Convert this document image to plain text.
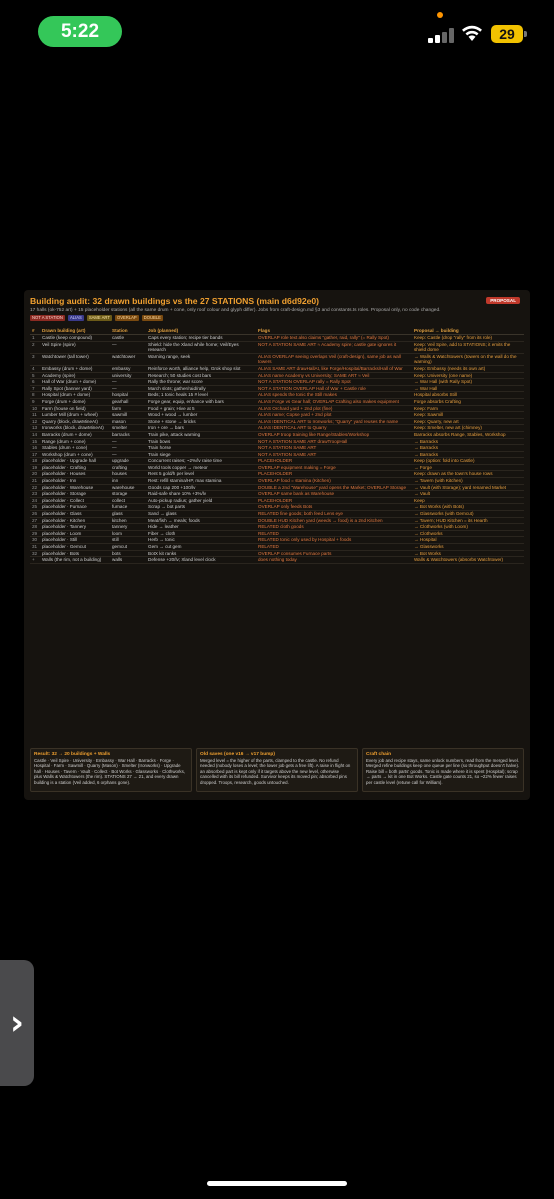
5:22	29
Building audit: 32 drawn buildings vs the 27 STATIONS (main d6d92e0)	PROPOSAL
17 halls (ok-752 art) + 15 placeholder stations (all the same drum + cone, only roof colour and glyph differ). Jobs from craft-design.md §3 and constants.ts roles. Proposal only, no code changed.
NOT A STATION	ALIAS	SAME ART	OVERLAP	DOUBLE
#	Drawn building (art)	Station	Job (planned)	Flags	Proposal → building
1	Castle (keep compound)	castle	Caps every station; recipe tier bands	OVERLAP role text also claims "gather, raid, rally" (= Rally Spot)	Keep: Castle (drop "rally" from its role)
2	Veil Spire (spire)	—	Shield: hide the Xland while home; Veil/Eyes research	NOT A STATION SAME ART ≈ Academy spire; castle gate ignores it	Keep: Veil Spire, add to STATIONS; it emits the shield dome
3	Watchtower (tall tower)	watchtower	Warning range, seek	ALIAS OVERLAP seeing overlaps Veil (craft-design), same job as wall towers	→ Walls & Watchtowers (towers on the wall do the warning)
4	Embassy (drum + dome)	embassy	Reinforce worth, alliance help, Grok shop slot	ALIAS SAME ART drawHallAt, like Forge/Hospital/Barracks/Hall of War	Keep: Embassy (needs its own art)
5	Academy (spire)	university	Research; 50 studies cost bars	ALIAS name Academy vs University; SAME ART ≈ Veil	Keep: University (one name)
6	Hall of War (drum + dome)	—	Rally the throne; war score	NOT A STATION OVERLAP rally = Rally Spot	→ War Hall (with Rally Spot)
7	Rally Spot (banner yard)	—	March slots; gather/raid/rally	NOT A STATION OVERLAP Hall of War + Castle role	→ War Hall
8	Hospital (drum + dome)	hospital	Beds; 1 tonic heals 15 # level	ALIAS spends the tonic the Still makes	Hospital absorbs Still
9	Forge (drum + dome)	gearhall	Forge gear, equip, enhance with bars	ALIAS Forge vs Gear hall; OVERLAP Crafting also makes equipment	Forge absorbs Crafting
10	Farm (house on field)	farm	Food + grain; Hive at 5	ALIAS Orchard yard + 2nd plot (fine)	Keep: Farm
11	Lumber Mill (drum + wheel)	sawmill	Wood + wood → lumber	ALIAS name; Copse yard + 2nd plot	Keep: Sawmill
12	Quarry (block, drawMineAt)	mason	Stone + stone → bricks	ALIAS IDENTICAL ART to Ironworks; "Quarry" yard reuses the name	Keep: Quarry, new art
13	Ironworks (block, drawMineAt)	smelter	Iron + ore → bars	ALIAS IDENTICAL ART to Quarry	Keep: Smelter, new art (chimney)
14	Barracks (drum + dome)	barracks	Train pike, attack warning	OVERLAP troop training like Range/Stables/Workshop	Barracks absorbs Range, Stables, Workshop
15	Range (drum + cone)	—	Train bows	NOT A STATION SAME ART drawTroopHall	→ Barracks
16	Stables (drum + cone)	—	Train horse	NOT A STATION SAME ART	→ Barracks
17	Workshop (drum + cone)	—	Train siege	NOT A STATION SAME ART	→ Barracks
18	placeholder · Upgrade hall	upgrade	Concurrent raises; ~2%/lv raise time	PLACEHOLDER	Keep (option: fold into Castle)
19	placeholder · Crafting	crafting	World tools copper → meteor	OVERLAP equipment making = Forge	→ Forge
20	placeholder · Houses	houses	Rent 5 gold/h per level	PLACEHOLDER	Keep: drawn as the town's house rows
21	placeholder · Inn	inn	Rest: refill stamina/HP, max stamina	OVERLAP food = stamina (Kitchen)	→ Tavern (with Kitchen)
22	placeholder · Warehouse	warehouse	Goods cap 200 +100/lv	DOUBLE a 2nd "Warehouse" yard opens the Market; OVERLAP Storage	→ Vault (with Storage); yard renamed Market
23	placeholder · Storage	storage	Raid-safe share 10% +3%/lv	OVERLAP same bank as Warehouse	→ Vault
24	placeholder · Collect	collect	Auto-pickup radius; gather yield	PLACEHOLDER	Keep
25	placeholder · Furnace	furnace	Scrap → bot parts	OVERLAP only feeds Bots	→ Bot Works (with Bots)
26	placeholder · Glass	glass	Sand → glass	RELATED fine goods; both feed Lens eye	→ Glassworks (with Gemcut)
27	placeholder · Kitchen	kitchen	Meat/fish → meals; foods	DOUBLE HUD Kitchen yard (weeds → food) is a 2nd Kitchen	→ Tavern; HUD Kitchen = its Hearth
28	placeholder · Tannery	tannery	Hide → leather	RELATED cloth goods	→ Clothworks (with Loom)
29	placeholder · Loom	loom	Fiber → cloth	RELATED	→ Clothworks
30	placeholder · Still	still	Herb → tonic	RELATED tonic only used by Hospital + foods	→ Hospital
31	placeholder · Gemcut	gemcut	Gem → cut gem	RELATED	→ Glassworks
32	placeholder · Bots	bots	BotX kit ranks	OVERLAP consumes Furnace parts	→ Bot Works
+	Walls (the rim, not a building)	walls	Defense +20/lv; Xland level clock	does nothing today	Walls & Watchtowers (absorbs Watchtower)
Result: 32 → 20 buildings + Walls

Castle · Veil Spire · University · Embassy · War Hall · Barracks · Forge · Hospital · Farm · Sawmill · Quarry (Mason) · Smelter (Ironworks) · Upgrade hall · Houses · Tavern · Vault · Collect · Bot Works · Glassworks · Clothworks, plus Walls & Watchtowers (the rim). STATIONS 27 → 21, and every drawn building is a station (Veil added, 6 orphans gone).

Old saves (one v16 → v17 bump)

Merged level = the higher of the parts, clamped to the castle. No refund needed (nobody loses a level; the lower job gets a free lift). A raise in flight on an absorbed part is kept only if it targets above the new level, otherwise cancelled with its bill refunded. Survivor keeps its moved pin; absorbed pins dropped. Troops, research, goods untouched.

Craft chain

Every job and recipe stays, same unlock numbers, read from the merged level. Merged refine buildings keep one queue per line (so throughput doesn't halve). Raise bill = both parts' goods. Tonic is made where it is spent (Hospital); scrap → parts → kit in one Bot Works. Castle gate counts 21, so ~22% fewer raises per castle level (retune call for William).

›
